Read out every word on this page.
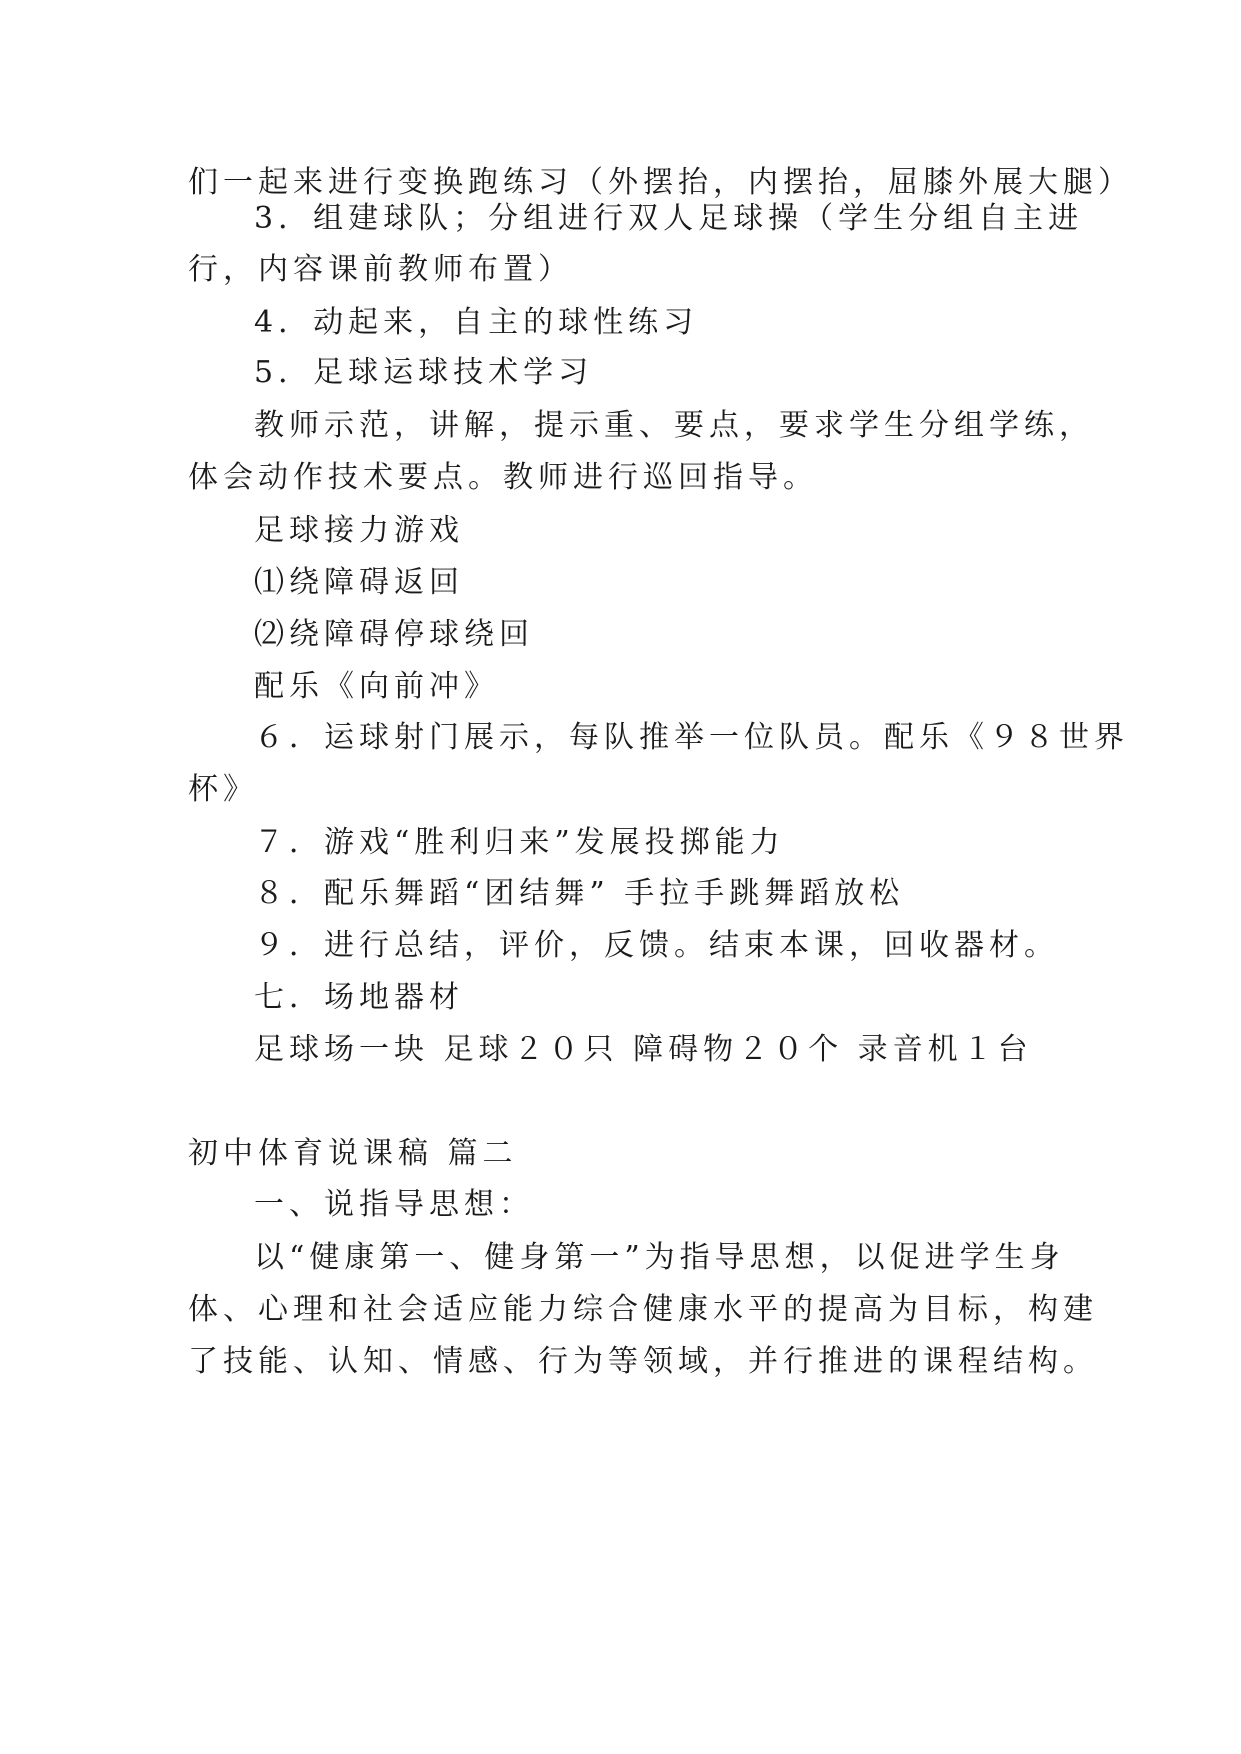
们一起来进行变换跑练习（外摆抬，内摆抬，屈膝外展大腿）
3．组建球队；分组进行双人足球操（学生分组自主进
行，内容课前教师布置）
4．动起来，自主的球性练习
5．足球运球技术学习
教师示范，讲解，提示重、要点，要求学生分组学练，
体会动作技术要点。教师进行巡回指导。
足球接力游戏
⑴绕障碍返回
⑵绕障碍停球绕回
配乐《向前冲》
６．运球射门展示，每队推举一位队员。配乐《９８世界
杯》
７．游戏“胜利归来”发展投掷能力
８．配乐舞蹈“团结舞” 手拉手跳舞蹈放松
９．进行总结，评价，反馈。结束本课，回收器材。
七．场地器材
足球场一块 足球２０只 障碍物２０个 录音机１台
初中体育说课稿 篇二
一、说指导思想：
以“健康第一、健身第一”为指导思想，以促进学生身
体、心理和社会适应能力综合健康水平的提高为目标，构建
了技能、认知、情感、行为等领域，并行推进的课程结构。
